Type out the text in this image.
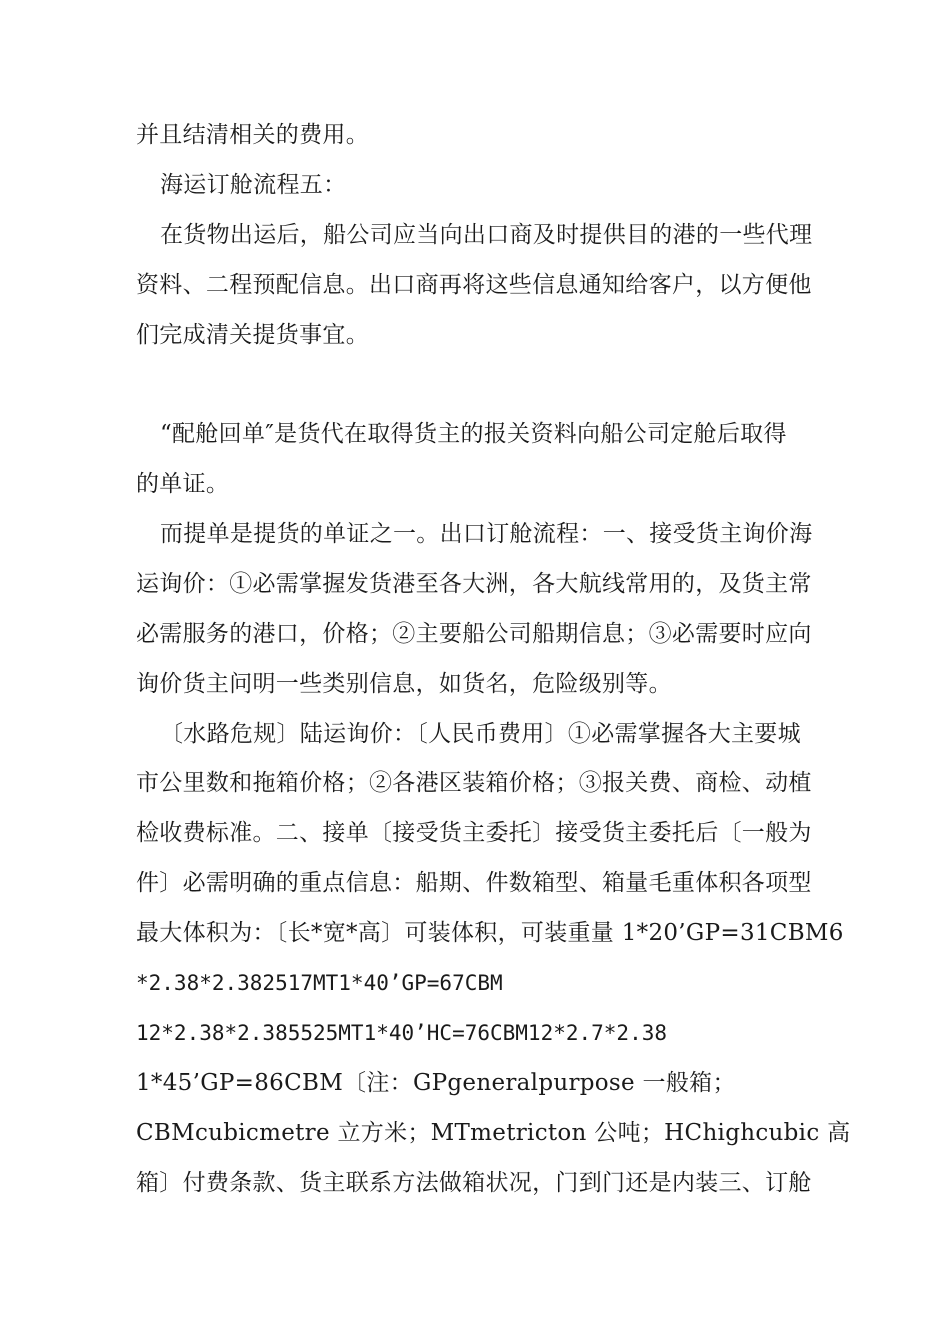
并且结清相关的费用。

海运订舱流程五：

在货物出运后，船公司应当向出口商及时提供目的港的一些代理

资料、二程预配信息。出口商再将这些信息通知给客户，以方便他

们完成清关提货事宜。

“配舱回单″是货代在取得货主的报关资料向船公司定舱后取得

的单证。

而提单是提货的单证之一。出口订舱流程：一、接受货主询价海

运询价：①必需掌握发货港至各大洲，各大航线常用的，及货主常

必需服务的港口，价格；②主要船公司船期信息；③必需要时应向

询价货主问明一些类别信息，如货名，危险级别等。

〔水路危规〕陆运询价：〔人民币费用〕①必需掌握各大主要城

市公里数和拖箱价格；②各港区装箱价格；③报关费、商检、动植

检收费标准。二、接单〔接受货主委托〕接受货主委托后〔一般为

件〕必需明确的重点信息：船期、件数箱型、箱量毛重体积各项型

最大体积为：〔长*宽*高〕可装体积，可装重量 1*20’GP=31CBM6

*2.38*2.382517MT1*40’GP=67CBM

12*2.38*2.385525MT1*40’HC=76CBM12*2.7*2.38

1*45’GP=86CBM〔注：GPgeneralpurpose 一般箱；

CBMcubicmetre 立方米；MTmetricton 公吨；HChighcubic 高

箱〕付费条款、货主联系方法做箱状况，门到门还是内装三、订舱
